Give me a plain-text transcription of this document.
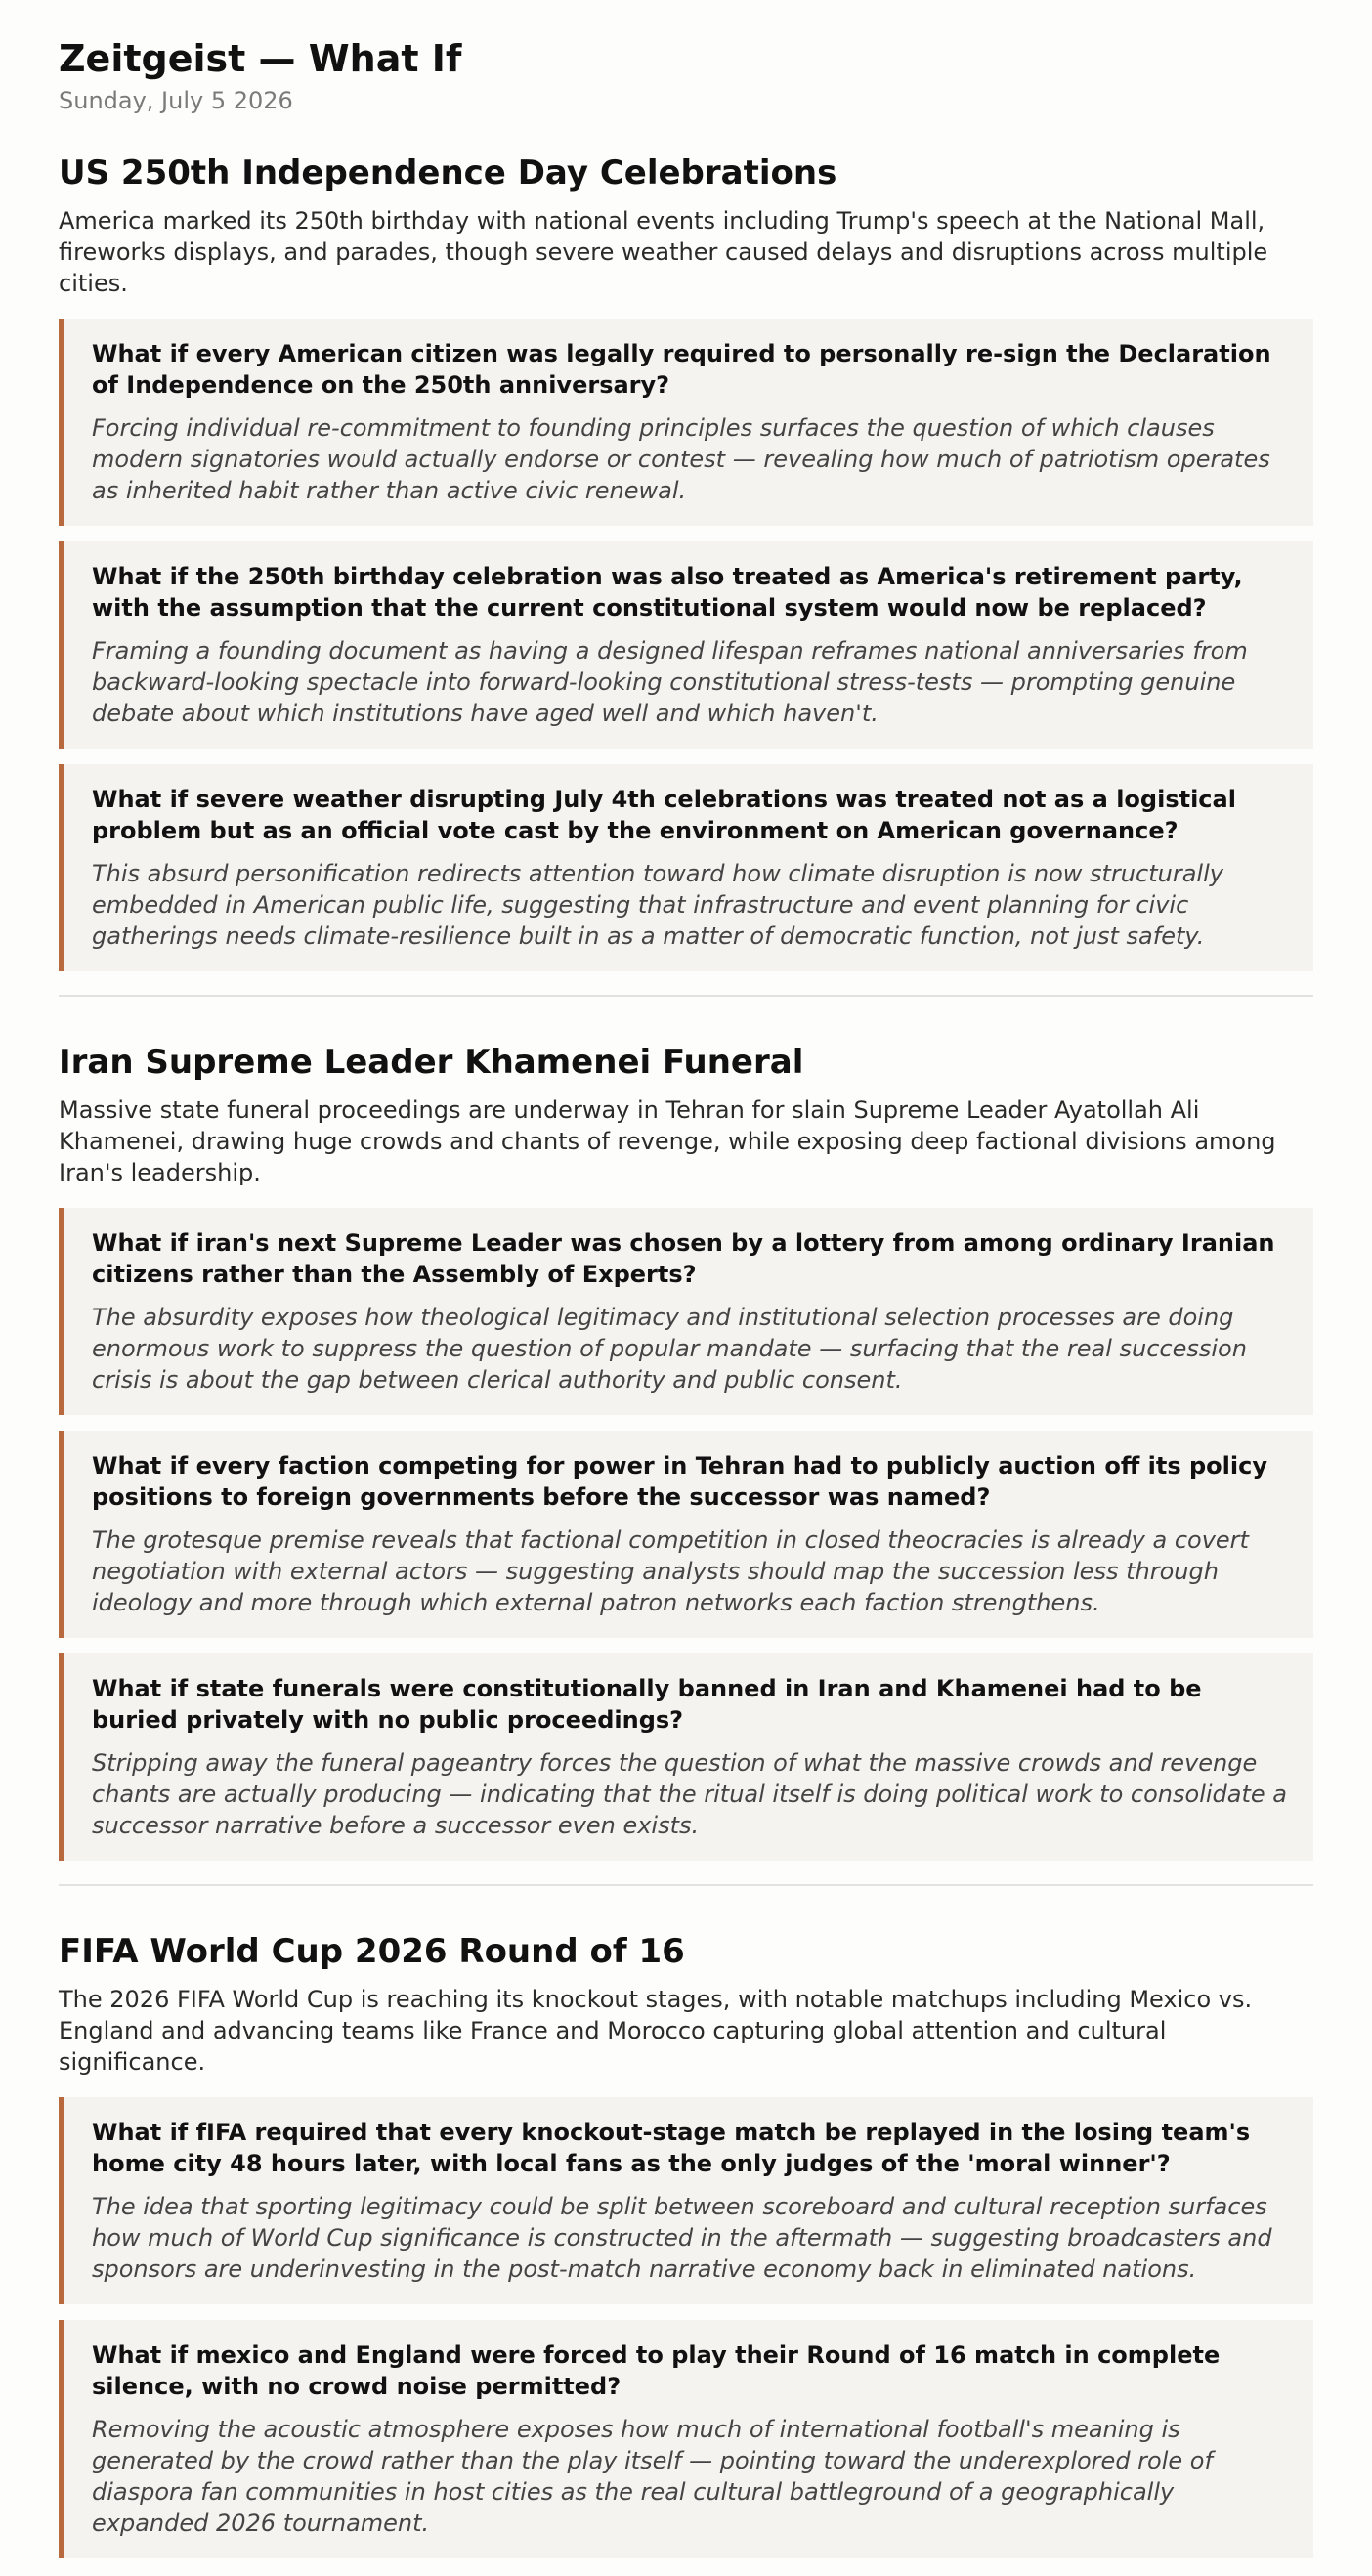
Zeitgeist — What If
Sunday, July 5 2026
US 250th Independence Day Celebrations

America marked its 250th birthday with national events including Trump's speech at the National Mall, fireworks displays, and parades, though severe weather caused delays and disruptions across multiple cities.

What if every American citizen was legally required to personally re-sign the Declaration of Independence on the 250th anniversary?

Forcing individual re-commitment to founding principles surfaces the question of which clauses modern signatories would actually endorse or contest — revealing how much of patriotism operates as inherited habit rather than active civic renewal.

What if the 250th birthday celebration was also treated as America's retirement party, with the assumption that the current constitutional system would now be replaced?

Framing a founding document as having a designed lifespan reframes national anniversaries from backward-looking spectacle into forward-looking constitutional stress-tests — prompting genuine debate about which institutions have aged well and which haven't.

What if severe weather disrupting July 4th celebrations was treated not as a logistical problem but as an official vote cast by the environment on American governance?

This absurd personification redirects attention toward how climate disruption is now structurally embedded in American public life, suggesting that infrastructure and event planning for civic gatherings needs climate-resilience built in as a matter of democratic function, not just safety.

Iran Supreme Leader Khamenei Funeral

Massive state funeral proceedings are underway in Tehran for slain Supreme Leader Ayatollah Ali Khamenei, drawing huge crowds and chants of revenge, while exposing deep factional divisions among Iran's leadership.

What if iran's next Supreme Leader was chosen by a lottery from among ordinary Iranian citizens rather than the Assembly of Experts?

The absurdity exposes how theological legitimacy and institutional selection processes are doing enormous work to suppress the question of popular mandate — surfacing that the real succession crisis is about the gap between clerical authority and public consent.

What if every faction competing for power in Tehran had to publicly auction off its policy positions to foreign governments before the successor was named?

The grotesque premise reveals that factional competition in closed theocracies is already a covert negotiation with external actors — suggesting analysts should map the succession less through ideology and more through which external patron networks each faction strengthens.

What if state funerals were constitutionally banned in Iran and Khamenei had to be buried privately with no public proceedings?

Stripping away the funeral pageantry forces the question of what the massive crowds and revenge chants are actually producing — indicating that the ritual itself is doing political work to consolidate a successor narrative before a successor even exists.

FIFA World Cup 2026 Round of 16

The 2026 FIFA World Cup is reaching its knockout stages, with notable matchups including Mexico vs. England and advancing teams like France and Morocco capturing global attention and cultural significance.

What if fIFA required that every knockout-stage match be replayed in the losing team's home city 48 hours later, with local fans as the only judges of the 'moral winner'?

The idea that sporting legitimacy could be split between scoreboard and cultural reception surfaces how much of World Cup significance is constructed in the aftermath — suggesting broadcasters and sponsors are underinvesting in the post-match narrative economy back in eliminated nations.

What if mexico and England were forced to play their Round of 16 match in complete silence, with no crowd noise permitted?

Removing the acoustic atmosphere exposes how much of international football's meaning is generated by the crowd rather than the play itself — pointing toward the underexplored role of diaspora fan communities in host cities as the real cultural battleground of a geographically expanded 2026 tournament.
